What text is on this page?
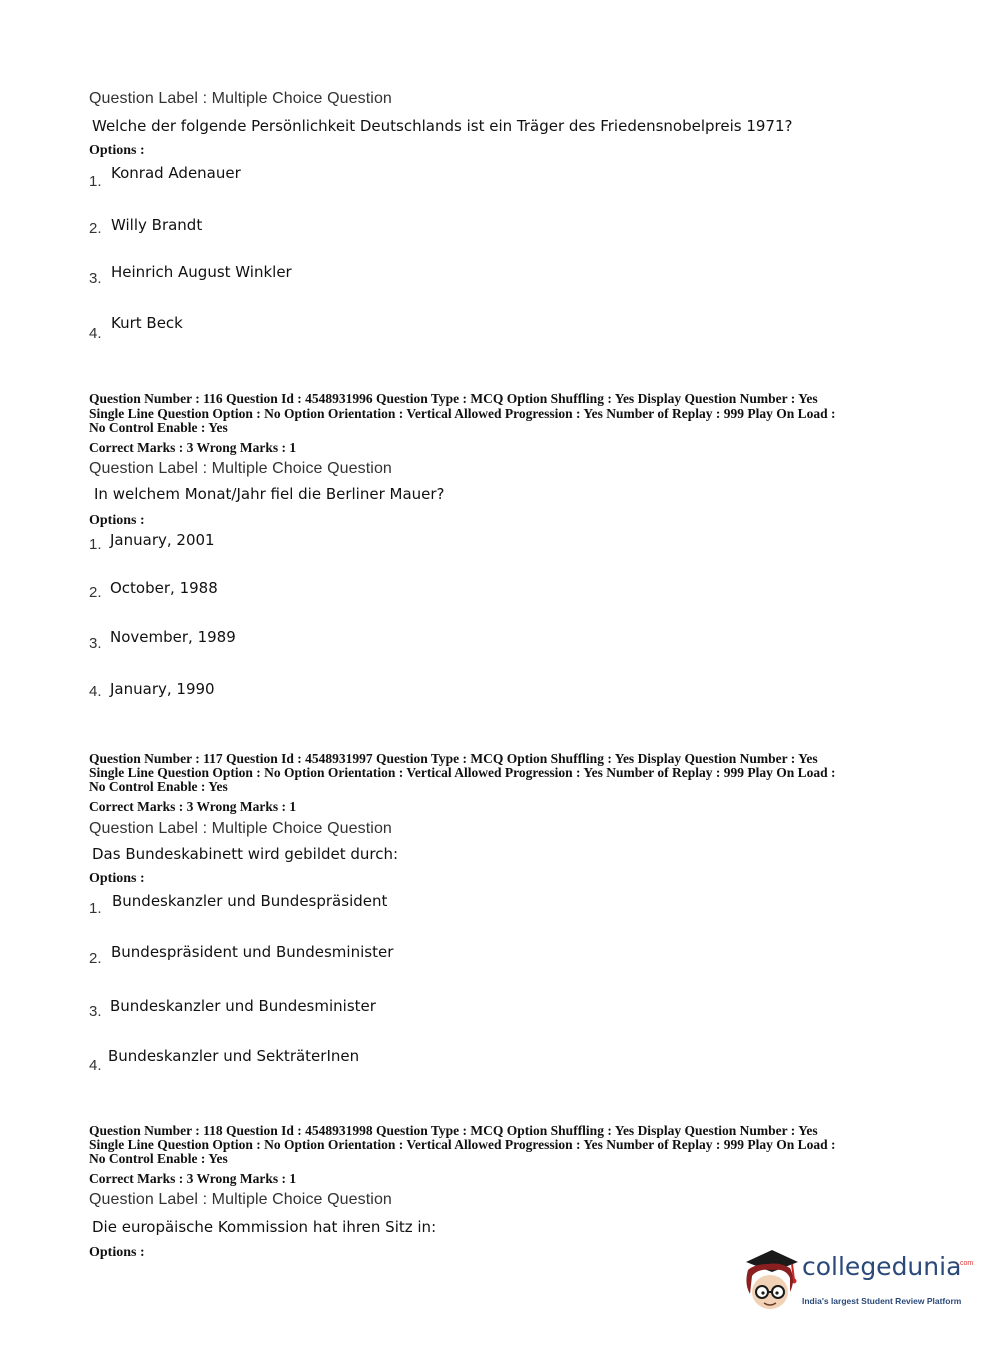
Question Label : Multiple Choice Question
Welche der folgende Persönlichkeit Deutschlands ist ein Träger des Friedensnobelpreis 1971?
Options :
1. Konrad Adenauer
2. Willy Brandt
3. Heinrich August Winkler
4.
Kurt Beck
Question Number : 116 Question Id : 4548931996 Question Type : MCQ Option Shuffling : Yes Display Question Number : Yes
Single Line Question Option : No Option Orientation : Vertical Allowed Progression : Yes Number of Replay : 999 Play On Load :
No Control Enable : Yes
Correct Marks : 3 Wrong Marks : 1
Question Label : Multiple Choice Question
In welchem Monat/Jahr fiel die Berliner Mauer?
Options :
1. January, 2001
2. October, 1988
3. November, 1989
4. January, 1990
Question Number : 117 Question Id : 4548931997 Question Type : MCQ Option Shuffling : Yes Display Question Number : Yes
Single Line Question Option : No Option Orientation : Vertical Allowed Progression : Yes Number of Replay : 999 Play On Load :
No Control Enable : Yes
Correct Marks : 3 Wrong Marks : 1
Question Label : Multiple Choice Question
Das Bundeskabinett wird gebildet durch:
Options :
1. Bundeskanzler und Bundespräsident
2. Bundespräsident und Bundesminister
3. Bundeskanzler und Bundesminister
4.
Bundeskanzler und SekträterInen
Question Number : 118 Question Id : 4548931998 Question Type : MCQ Option Shuffling : Yes Display Question Number : Yes
Single Line Question Option : No Option Orientation : Vertical Allowed Progression : Yes Number of Replay : 999 Play On Load :
No Control Enable : Yes
Correct Marks : 3 Wrong Marks : 1
Question Label : Multiple Choice Question
Die europäische Kommission hat ihren Sitz in:
Options :	collegedunia
.com
India's largest Student Review Platform
